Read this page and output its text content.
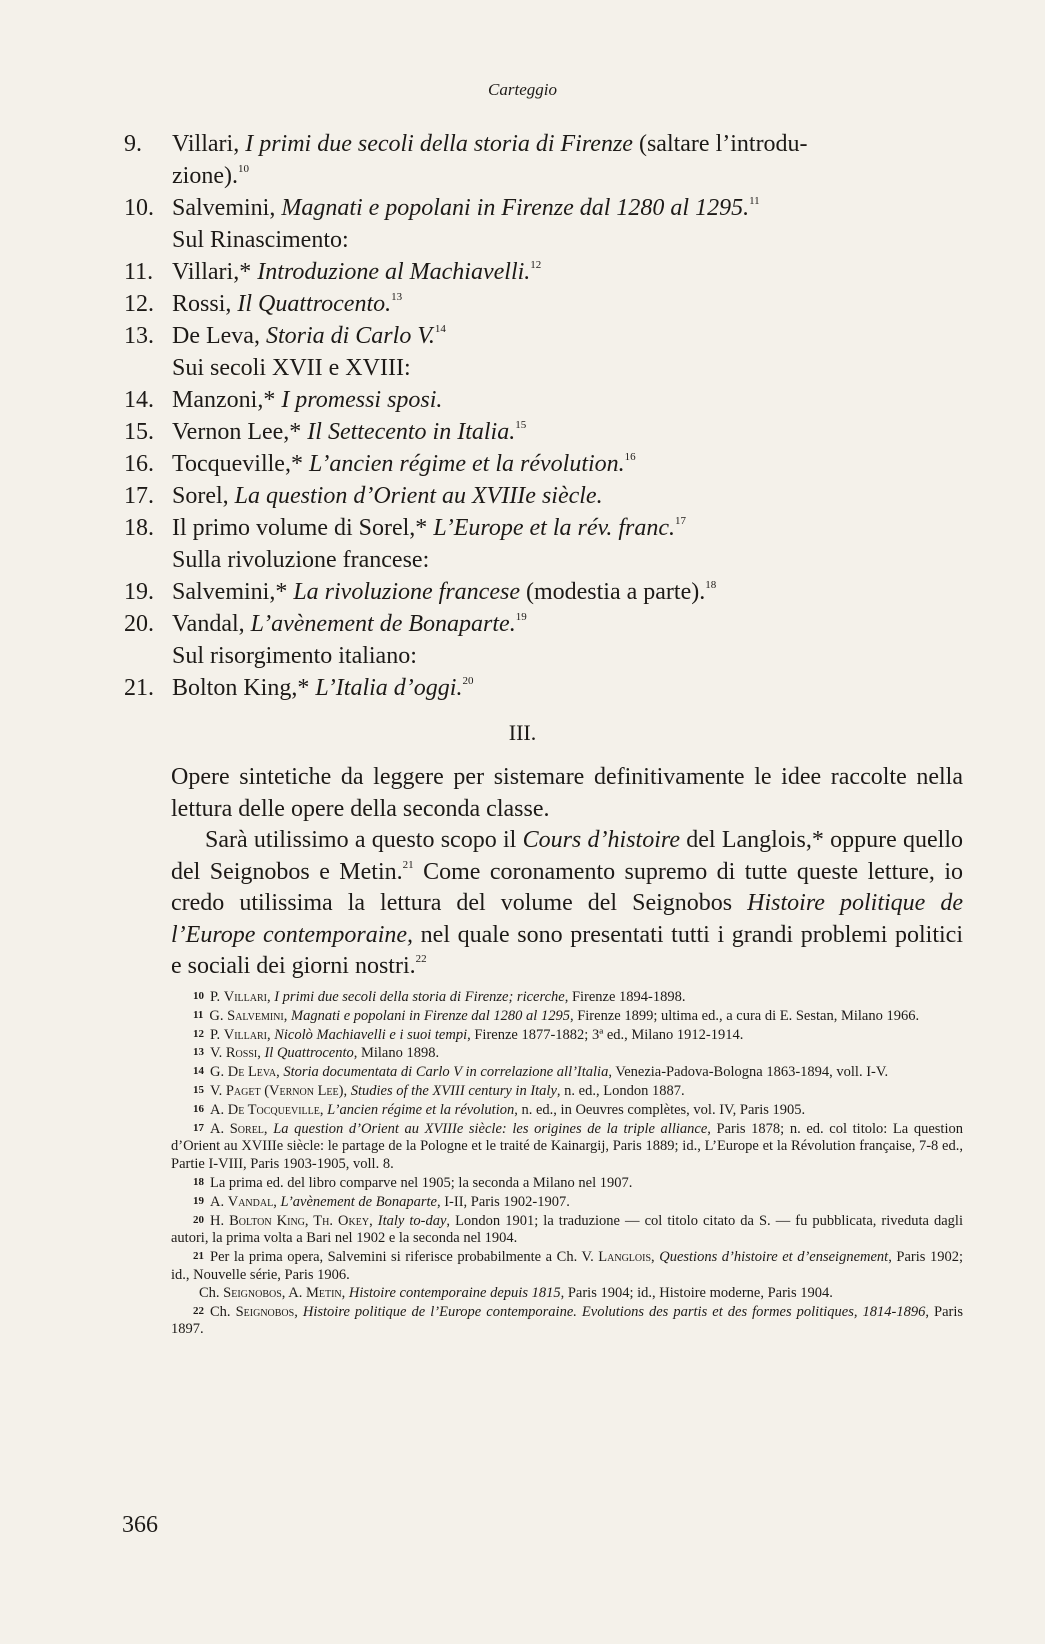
Carteggio
9. Villari, I primi due secoli della storia di Firenze (saltare l’introdu-
zione).$^{10}$
10. Salvemini, Magnati e popolani in Firenze dal 1280 al 1295.11
Sul Rinascimento:
11. Villari,* Introduzione al Machiavelli.$^{12}$
12. Rossi, Il Quattrocento.$^{13}$
13. De Leva, Storia di Carlo V.$^{14}$
Sui secoli XVII e XVIII:
14. Manzoni,* I promessi sposi.
15. Vernon Lee,* Il Settecento in Italia.$^{15}$
16. Tocqueville,* L’ancien régime et la révolution.$^{16}$
17. Sorel, La question d’Orient au XVIIIe siècle.
18. Il primo volume di Sorel,* L’Europe et la rév. franc.$^{17}$
Sulla rivoluzione francese:
19. Salvemini,* La rivoluzione francese (modestia a parte).$^{18}$
20. Vandal, L’avènement de Bonaparte.$^{19}$
Sul risorgimento italiano:
21. Bolton King,* L’Italia d’oggi.$^{20}$
III.

Opere sintetiche da leggere per sistemare definitivamente le idee raccolte nella lettura delle opere della seconda classe.

Sarà utilissimo a questo scopo il Cours d’histoire del Langlois,* oppure quello del Seignobos e Metin.$^{21}$ Come coronamento supremo di tutte queste letture, io credo utilissima la lettura del volume del Seignobos Histoire politique de l’Europe contemporaine, nel quale sono presentati tutti i grandi problemi politici e sociali dei giorni nostri.$^{22}$

10 P. Villari, I primi due secoli della storia di Firenze; ricerche, Firenze 1894-1898.

11 G. Salvemini, Magnati e popolani in Firenze dal 1280 al 1295, Firenze 1899; ultima ed., a cura di E. Sestan, Milano 1966.

12 P. Villari, Nicolò Machiavelli e i suoi tempi, Firenze 1877-1882; 3ª ed., Milano 1912-1914.

13 V. Rossi, Il Quattrocento, Milano 1898.

14 G. De Leva, Storia documentata di Carlo V in correlazione all’Italia, Venezia-Padova-Bologna 1863-1894, voll. I-V.

15 V. Paget (Vernon Lee), Studies of the XVIII century in Italy, n. ed., London 1887.

16 A. De Tocqueville, L’ancien régime et la révolution, n. ed., in Oeuvres complètes, vol. IV, Paris 1905.

17 A. Sorel, La question d’Orient au XVIIIe siècle: les origines de la triple alliance, Paris 1878; n. ed. col titolo: La question d’Orient au XVIIIe siècle: le partage de la Pologne et le traité de Kainargij, Paris 1889; id., L’Europe et la Révolution française, 7-8 ed., Partie I-VIII, Paris 1903-1905, voll. 8.

18 La prima ed. del libro comparve nel 1905; la seconda a Milano nel 1907.

19 A. Vandal, L’avènement de Bonaparte, I-II, Paris 1902-1907.

20 H. Bolton King, Th. Okey, Italy to-day, London 1901; la traduzione — col titolo citato da S. — fu pubblicata, riveduta dagli autori, la prima volta a Bari nel 1902 e la seconda nel 1904.

21 Per la prima opera, Salvemini si riferisce probabilmente a Ch. V. Langlois, Questions d’histoire et d’enseignement, Paris 1902; id., Nouvelle série, Paris 1906.

Ch. Seignobos, A. Metin, Histoire contemporaine depuis 1815, Paris 1904; id., Histoire moderne, Paris 1904.

22 Ch. Seignobos, Histoire politique de l’Europe contemporaine. Evolutions des partis et des formes politiques, 1814-1896, Paris 1897.

366
